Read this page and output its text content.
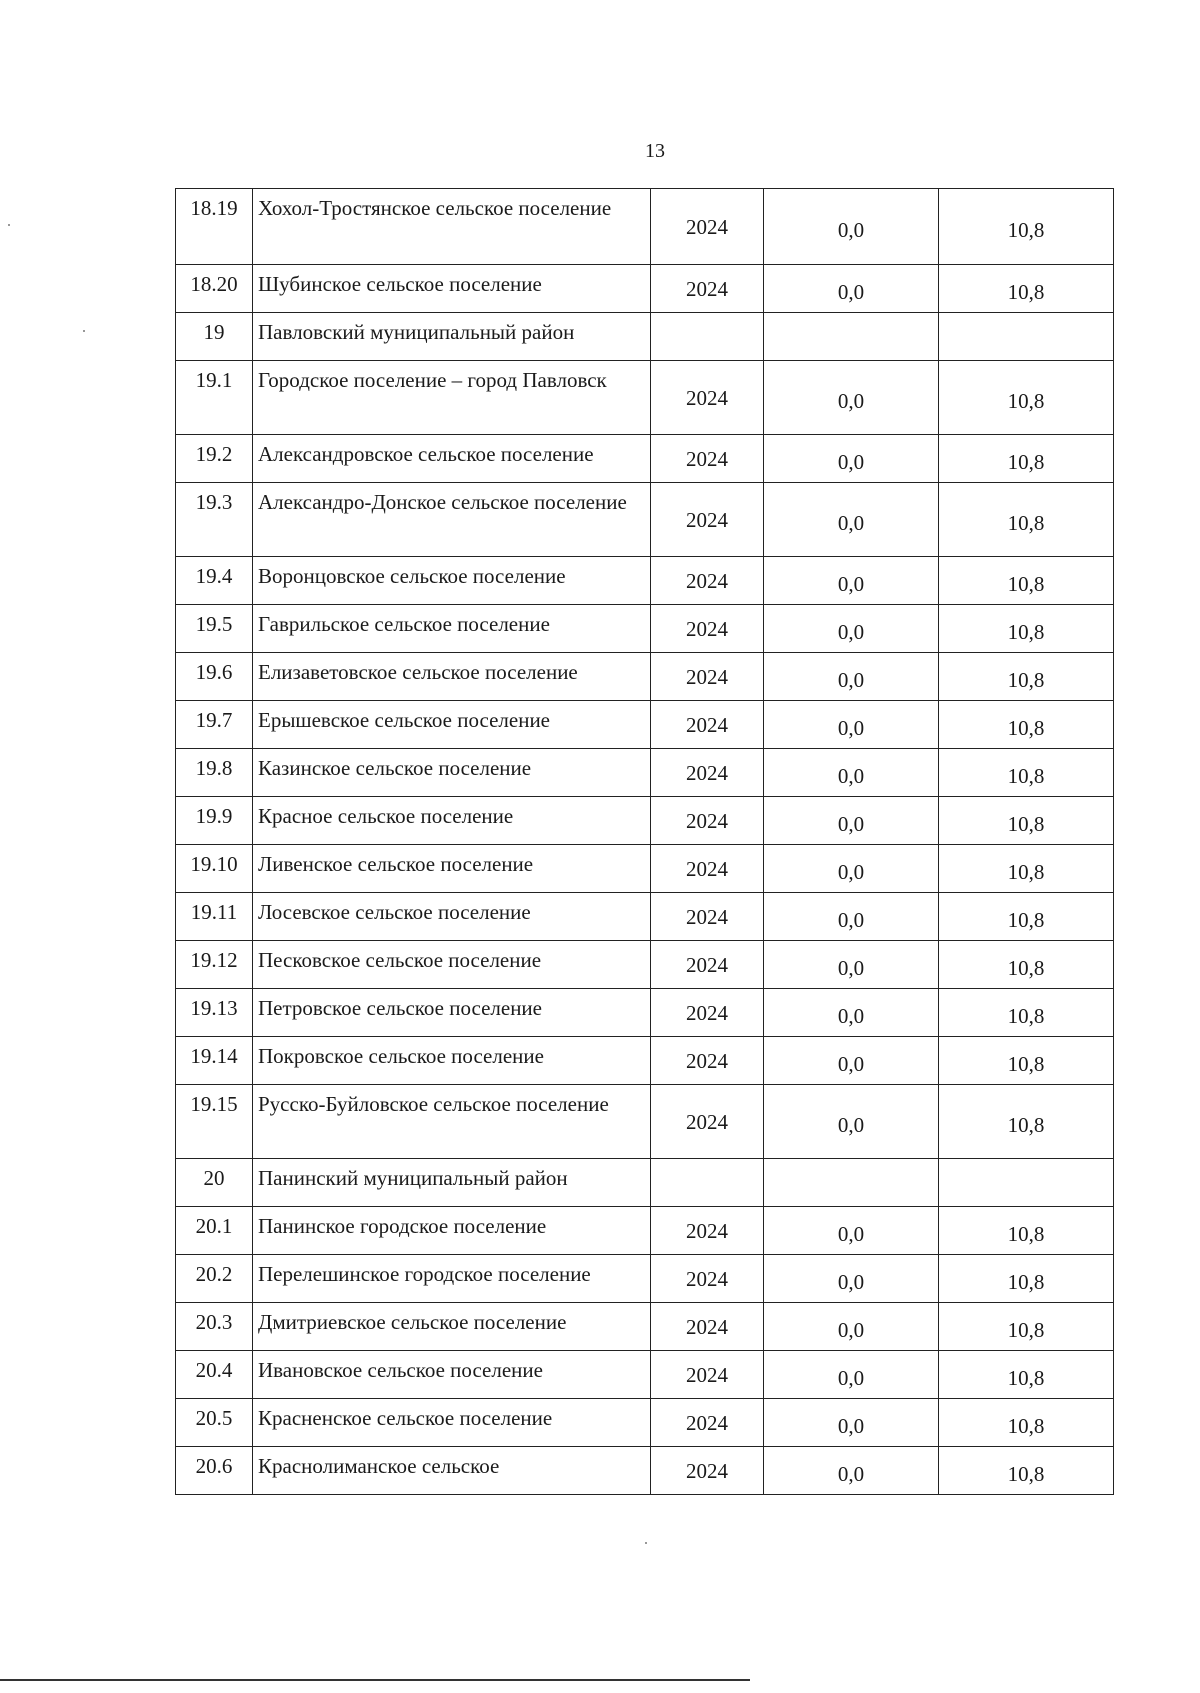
13
18.19	Хохол-Тростянское сельское поселение	2024	0,0	10,8
18.20	Шубинское сельское поселение	2024	0,0	10,8
19	Павловский муниципальный район			
19.1	Городское поселение – город Павловск	2024	0,0	10,8
19.2	Александровское сельское поселение	2024	0,0	10,8
19.3	Александро-Донское сельское поселение	2024	0,0	10,8
19.4	Воронцовское сельское поселение	2024	0,0	10,8
19.5	Гаврильское сельское поселение	2024	0,0	10,8
19.6	Елизаветовское сельское поселение	2024	0,0	10,8
19.7	Ерышевское сельское поселение	2024	0,0	10,8
19.8	Казинское сельское поселение	2024	0,0	10,8
19.9	Красное сельское поселение	2024	0,0	10,8
19.10	Ливенское сельское поселение	2024	0,0	10,8
19.11	Лосевское сельское поселение	2024	0,0	10,8
19.12	Песковское сельское поселение	2024	0,0	10,8
19.13	Петровское сельское поселение	2024	0,0	10,8
19.14	Покровское сельское поселение	2024	0,0	10,8
19.15	Русско-Буйловское сельское поселение	2024	0,0	10,8
20	Панинский муниципальный район			
20.1	Панинское городское поселение	2024	0,0	10,8
20.2	Перелешинское городское поселение	2024	0,0	10,8
20.3	Дмитриевское сельское поселение	2024	0,0	10,8
20.4	Ивановское сельское поселение	2024	0,0	10,8
20.5	Красненское сельское поселение	2024	0,0	10,8
20.6	Краснолиманское сельское	2024	0,0	10,8
